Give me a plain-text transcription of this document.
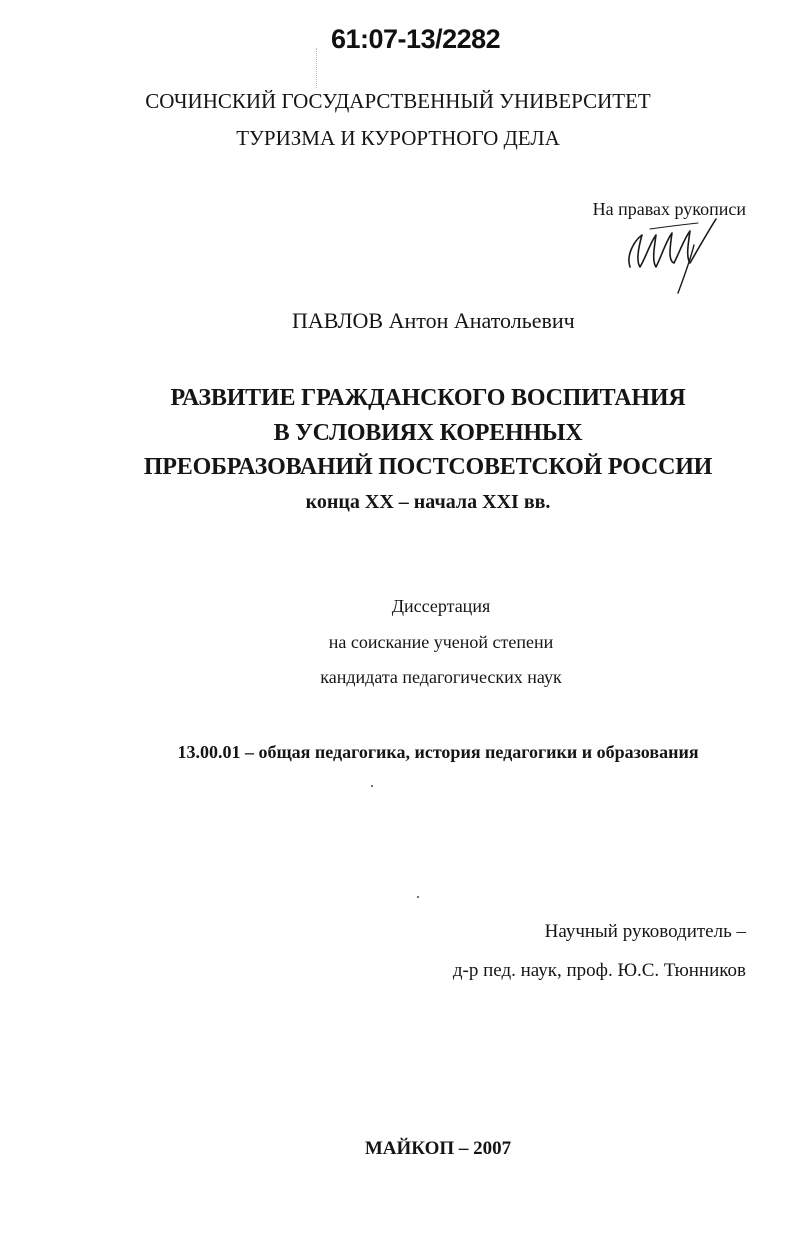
61:07-13/2282
СОЧИНСКИЙ ГОСУДАРСТВЕННЫЙ УНИВЕРСИТЕТ
ТУРИЗМА И КУРОРТНОГО ДЕЛА
На правах рукописи
ПАВЛОВ Антон Анатольевич
РАЗВИТИЕ ГРАЖДАНСКОГО ВОСПИТАНИЯ
В УСЛОВИЯХ КОРЕННЫХ
ПРЕОБРАЗОВАНИЙ ПОСТСОВЕТСКОЙ РОССИИ
конца XX – начала XXI вв.
Диссертация
на соискание ученой степени
кандидата педагогических наук
13.00.01 – общая педагогика, история педагогики и образования
Научный руководитель –
д-р пед. наук, проф. Ю.С. Тюнников
МАЙКОП – 2007
